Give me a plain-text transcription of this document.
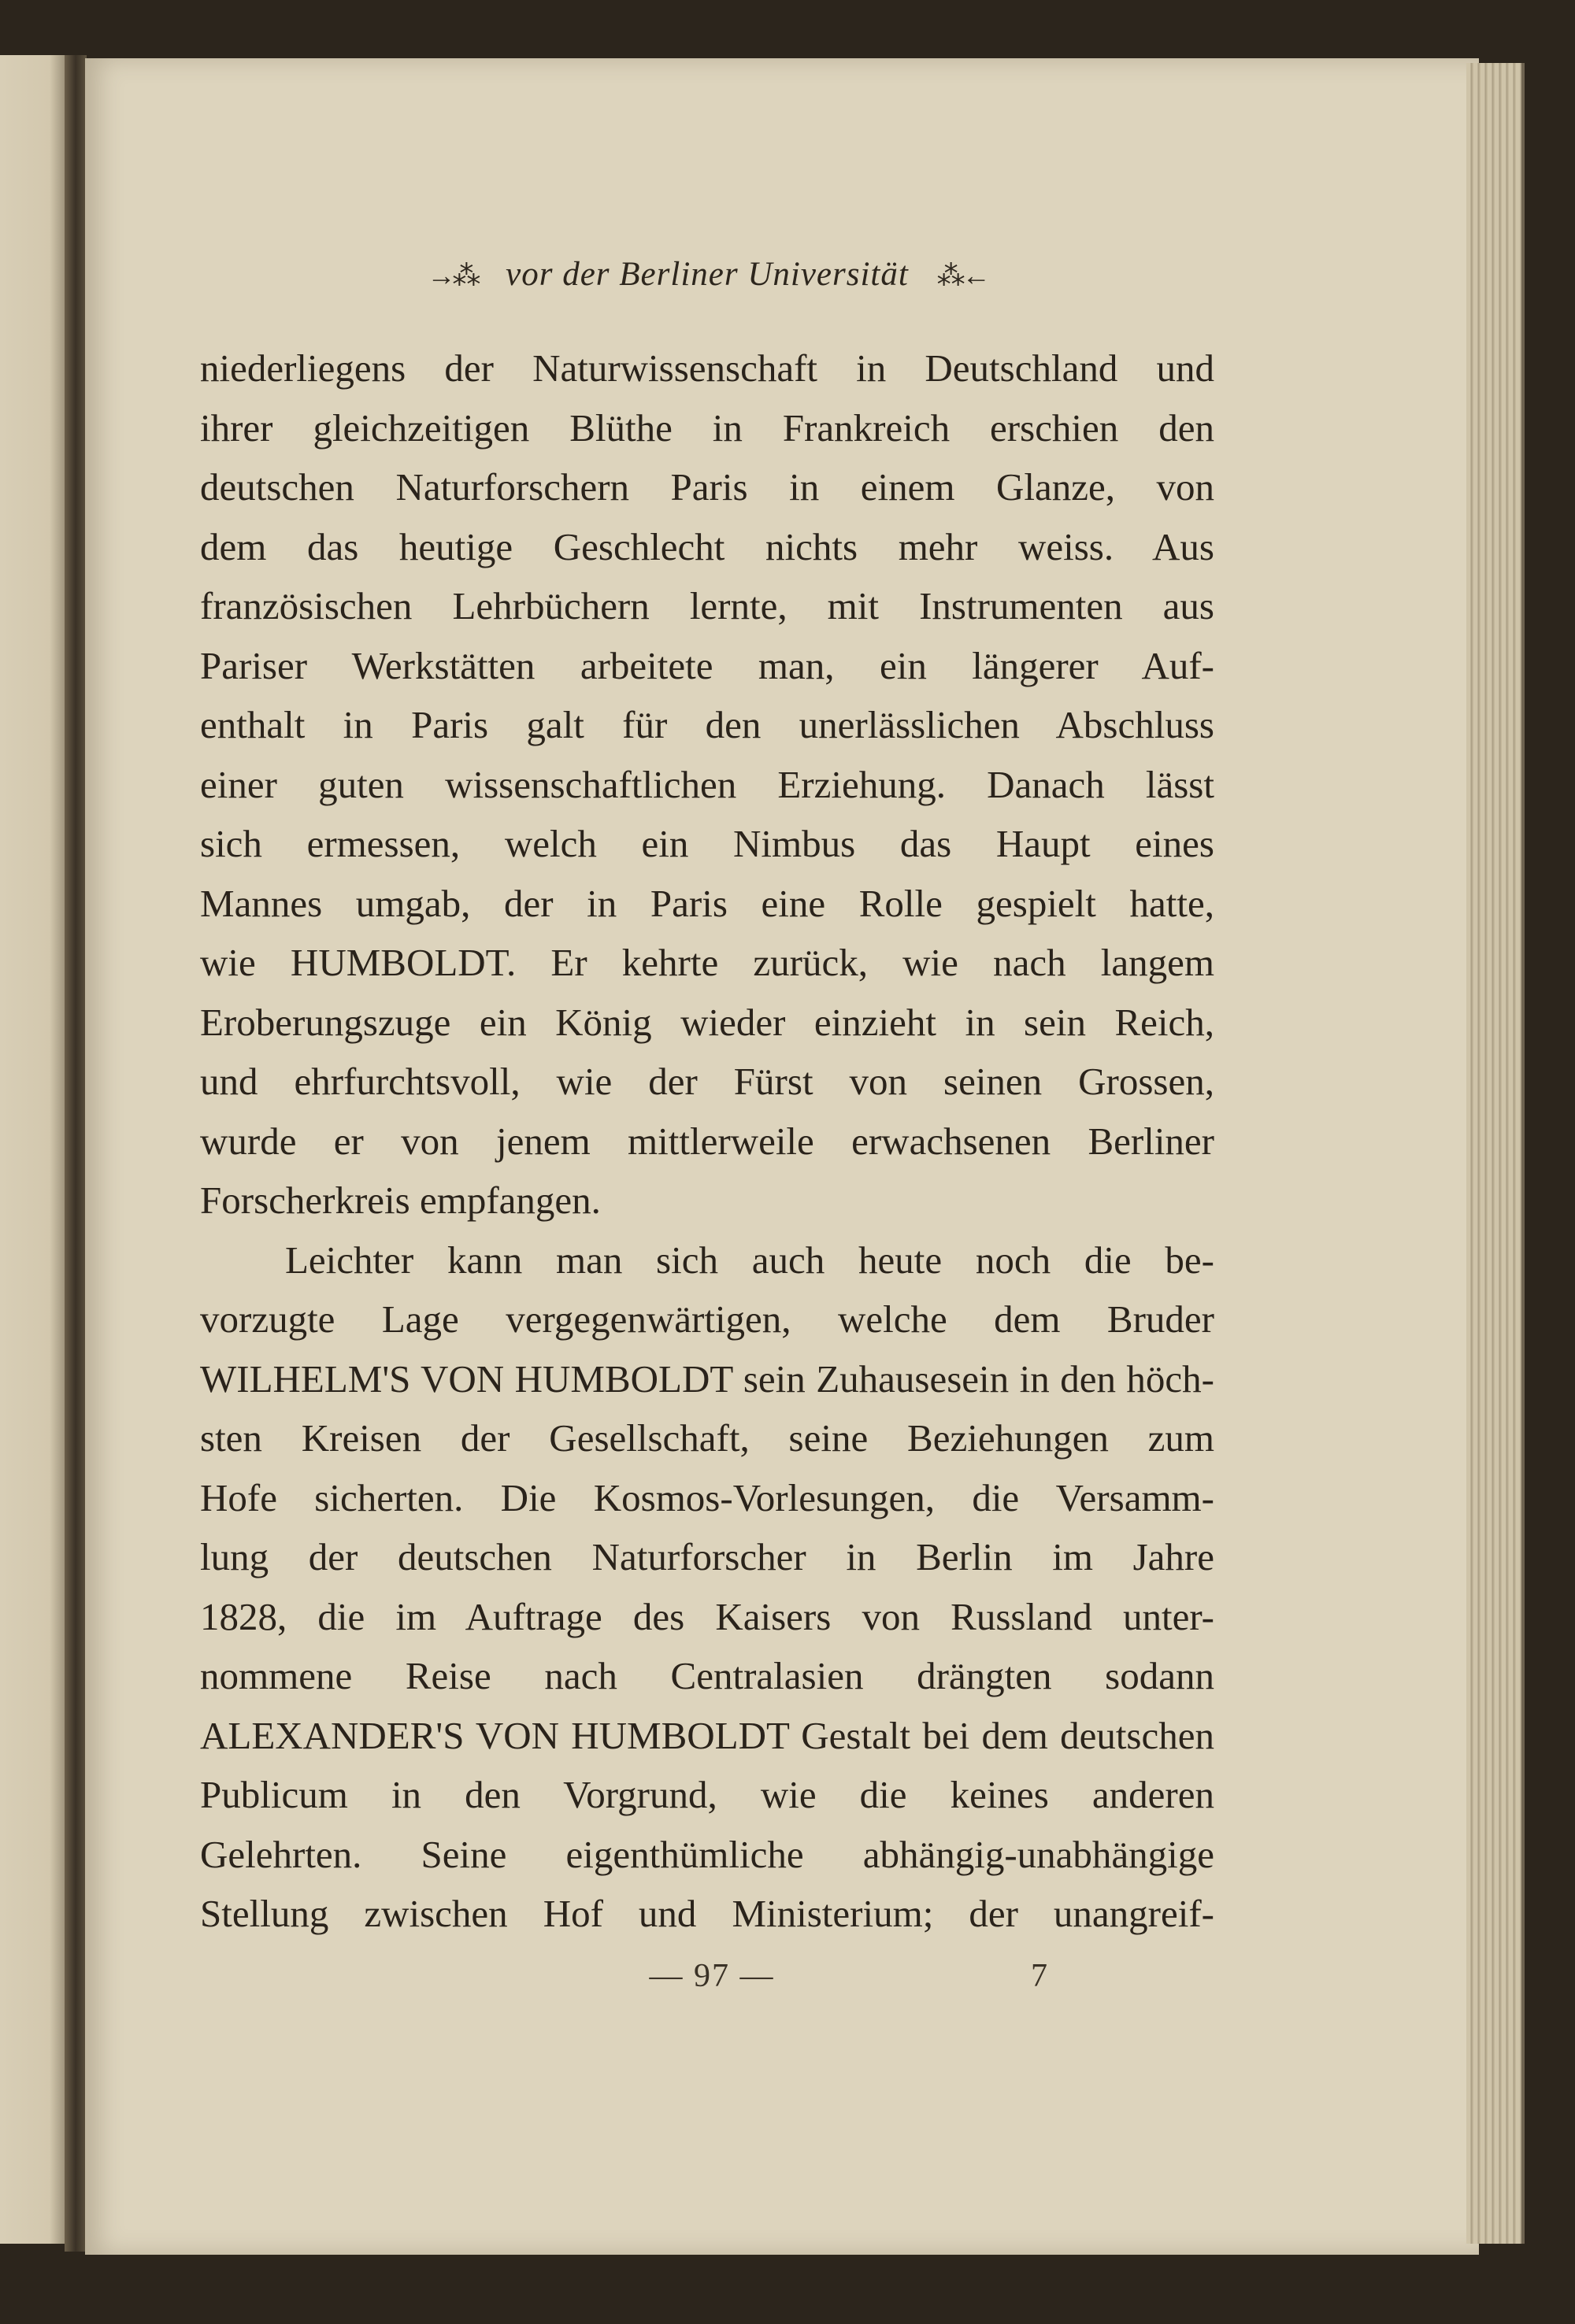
→⁂ vor der Berliner Universität ⁂←
niederliegens der Naturwissenschaft in Deutschland und
ihrer gleichzeitigen Blüthe in Frankreich erschien den
deutschen Naturforschern Paris in einem Glanze, von
dem das heutige Geschlecht nichts mehr weiss. Aus
französischen Lehrbüchern lernte, mit Instrumenten aus
Pariser Werkstätten arbeitete man, ein längerer Auf-
enthalt in Paris galt für den unerlässlichen Abschluss
einer guten wissenschaftlichen Erziehung. Danach lässt
sich ermessen, welch ein Nimbus das Haupt eines
Mannes umgab, der in Paris eine Rolle gespielt hatte,
wie HUMBOLDT. Er kehrte zurück, wie nach langem
Eroberungszuge ein König wieder einzieht in sein Reich,
und ehrfurchtsvoll, wie der Fürst von seinen Grossen,
wurde er von jenem mittlerweile erwachsenen Berliner
Forscherkreis empfangen.
Leichter kann man sich auch heute noch die be-
vorzugte Lage vergegenwärtigen, welche dem Bruder
WILHELM'S VON HUMBOLDT sein Zuhausesein in den höch-
sten Kreisen der Gesellschaft, seine Beziehungen zum
Hofe sicherten. Die Kosmos-Vorlesungen, die Versamm-
lung der deutschen Naturforscher in Berlin im Jahre
1828, die im Auftrage des Kaisers von Russland unter-
nommene Reise nach Centralasien drängten sodann
ALEXANDER'S VON HUMBOLDT Gestalt bei dem deutschen
Publicum in den Vorgrund, wie die keines anderen
Gelehrten. Seine eigenthümliche abhängig-unabhängige
Stellung zwischen Hof und Ministerium; der unangreif-
— 97 —	7
